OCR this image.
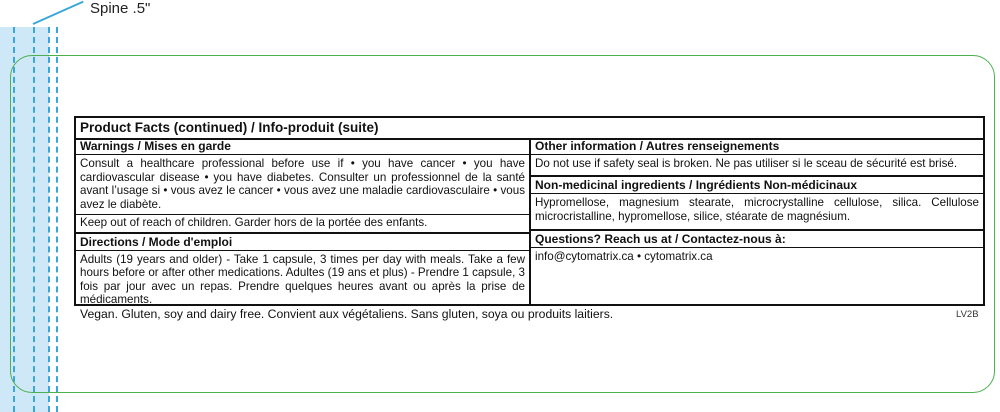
Spine .5"
Product Facts (continued) / Info-produit (suite)
Warnings / Mises en garde
Consult a healthcare professional before use if • you have cancer • you have cardiovascular disease • you have diabetes. Consulter un professionnel de la santé avant l’usage si • vous avez le cancer • vous avez une maladie cardiovasculaire • vous avez le diabète.
Keep out of reach of children. Garder hors de la portée des enfants.
Directions / Mode d'emploi
Adults (19 years and older) - Take 1 capsule, 3 times per day with meals. Take a few hours before or after other medications. Adultes (19 ans et plus) - Prendre 1 capsule, 3 fois par jour avec un repas. Prendre quelques heures avant ou après la prise de médicaments.
Other information / Autres renseignements
Do not use if safety seal is broken. Ne pas utiliser si le sceau de sécurité est brisé.
Non-medicinal ingredients / Ingrédients Non-médicinaux
Hypromellose, magnesium stearate, microcrystalline cellulose, silica. Cellulose microcristalline, hypromellose, silice, stéarate de magnésium.
Questions? Reach us at / Contactez-nous à:
info@cytomatrix.ca • cytomatrix.ca
Vegan. Gluten, soy and dairy free. Convient aux végétaliens. Sans gluten, soya ou produits laitiers.	LV2B
